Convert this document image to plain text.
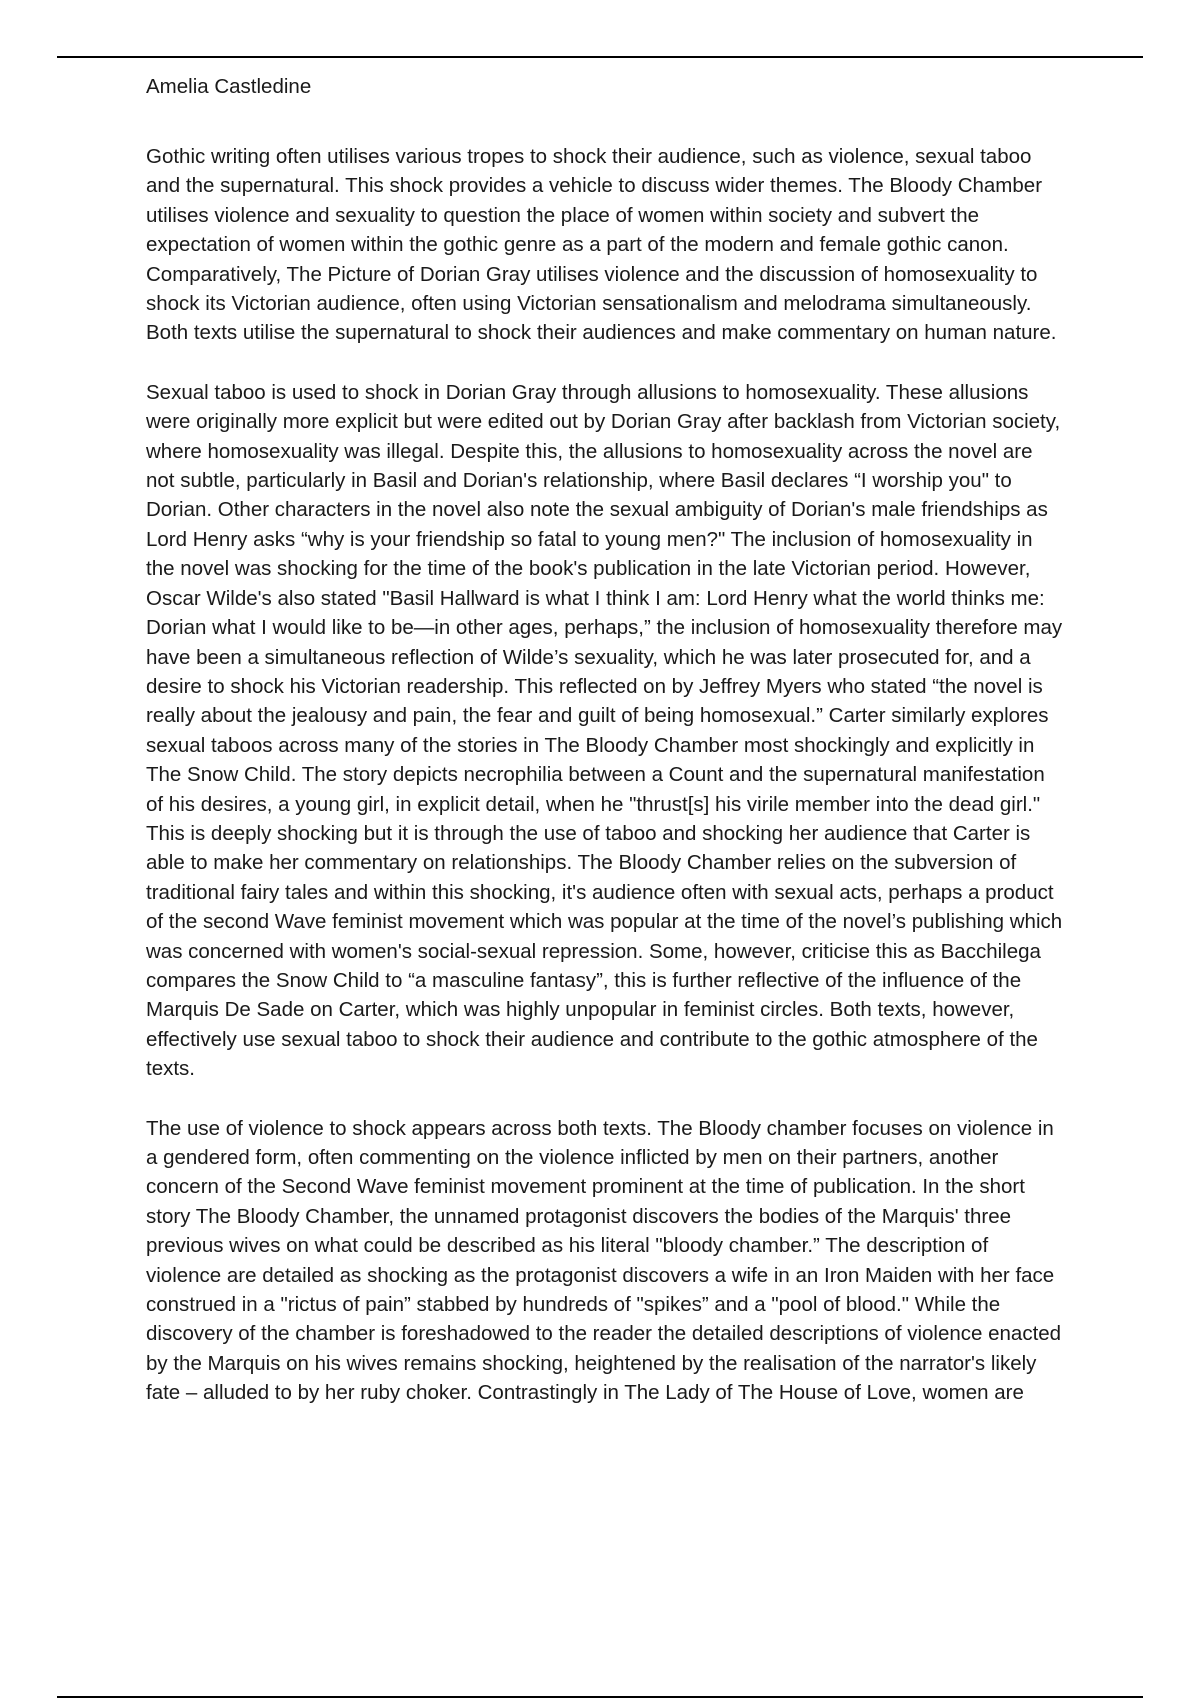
Amelia Castledine

Gothic writing often utilises various tropes to shock their audience, such as violence, sexual taboo and the supernatural. This shock provides a vehicle to discuss wider themes. The Bloody Chamber utilises violence and sexuality to question the place of women within society and subvert the expectation of women within the gothic genre as a part of the modern and female gothic canon. Comparatively, The Picture of Dorian Gray utilises violence and the discussion of homosexuality to shock its Victorian audience, often using Victorian sensationalism and melodrama simultaneously. Both texts utilise the supernatural to shock their audiences and make commentary on human nature.

Sexual taboo is used to shock in Dorian Gray through allusions to homosexuality. These allusions were originally more explicit but were edited out by Dorian Gray after backlash from Victorian society, where homosexuality was illegal. Despite this, the allusions to homosexuality across the novel are not subtle, particularly in Basil and Dorian's relationship, where Basil declares “I worship you" to Dorian. Other characters in the novel also note the sexual ambiguity of Dorian's male friendships as Lord Henry asks “why is your friendship so fatal to young men?" The inclusion of homosexuality in the novel was shocking for the time of the book's publication in the late Victorian period. However, Oscar Wilde's also stated "Basil Hallward is what I think I am: Lord Henry what the world thinks me: Dorian what I would like to be—in other ages, perhaps,” the inclusion of homosexuality therefore may have been a simultaneous reflection of Wilde’s sexuality, which he was later prosecuted for, and a desire to shock his Victorian readership. This reflected on by Jeffrey Myers who stated “the novel is really about the jealousy and pain, the fear and guilt of being homosexual.” Carter similarly explores sexual taboos across many of the stories in The Bloody Chamber most shockingly and explicitly in The Snow Child. The story depicts necrophilia between a Count and the supernatural manifestation of his desires, a young girl, in explicit detail, when he "thrust[s] his virile member into the dead girl." This is deeply shocking but it is through the use of taboo and shocking her audience that Carter is able to make her commentary on relationships. The Bloody Chamber relies on the subversion of traditional fairy tales and within this shocking, it's audience often with sexual acts, perhaps a product of the second Wave feminist movement which was popular at the time of the novel’s publishing which was concerned with women's social-sexual repression. Some, however, criticise this as Bacchilega compares the Snow Child to “a masculine fantasy”, this is further reflective of the influence of the Marquis De Sade on Carter, which was highly unpopular in feminist circles. Both texts, however, effectively use sexual taboo to shock their audience and contribute to the gothic atmosphere of the texts.

The use of violence to shock appears across both texts. The Bloody chamber focuses on violence in a gendered form, often commenting on the violence inflicted by men on their partners, another concern of the Second Wave feminist movement prominent at the time of publication. In the short story The Bloody Chamber, the unnamed protagonist discovers the bodies of the Marquis' three previous wives on what could be described as his literal "bloody chamber.” The description of violence are detailed as shocking as the protagonist discovers a wife in an Iron Maiden with her face construed in a "rictus of pain” stabbed by hundreds of "spikes” and a "pool of blood." While the discovery of the chamber is foreshadowed to the reader the detailed descriptions of violence enacted by the Marquis on his wives remains shocking, heightened by the realisation of the narrator's likely fate – alluded to by her ruby choker. Contrastingly in The Lady of The House of Love, women are
